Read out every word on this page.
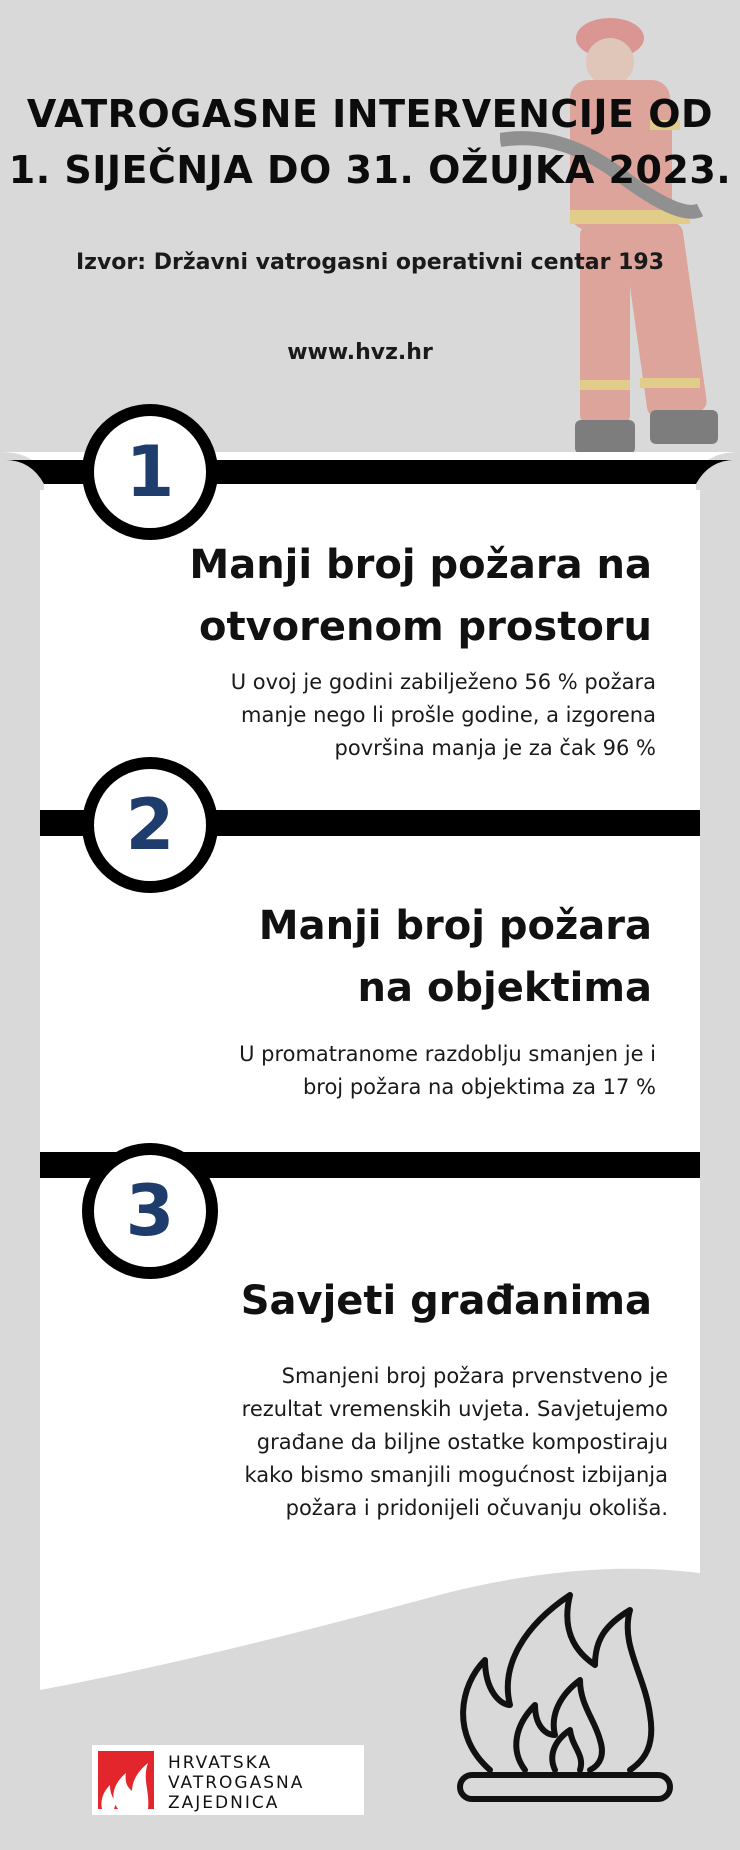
VATROGASNE INTERVENCIJE OD
1. SIJEČNJA DO 31. OŽUJKA 2023.
Izvor: Državni vatrogasni operativni centar 193
www.hvz.hr
1
Manji broj požara na
otvorenom prostoru
U ovoj je godini zabilježeno 56 % požara
manje nego li prošle godine, a izgorena
površina manja je za čak 96 %
2
Manji broj požara
na objektima
U promatranome razdoblju smanjen je i
broj požara na objektima za 17 %
3
Savjeti građanima
Smanjeni broj požara prvenstveno je
rezultat vremenskih uvjeta. Savjetujemo
građane da biljne ostatke kompostiraju
kako bismo smanjili mogućnost izbijanja
požara i pridonijeli očuvanju okoliša.
HRVATSKA
VATROGASNA
ZAJEDNICA
